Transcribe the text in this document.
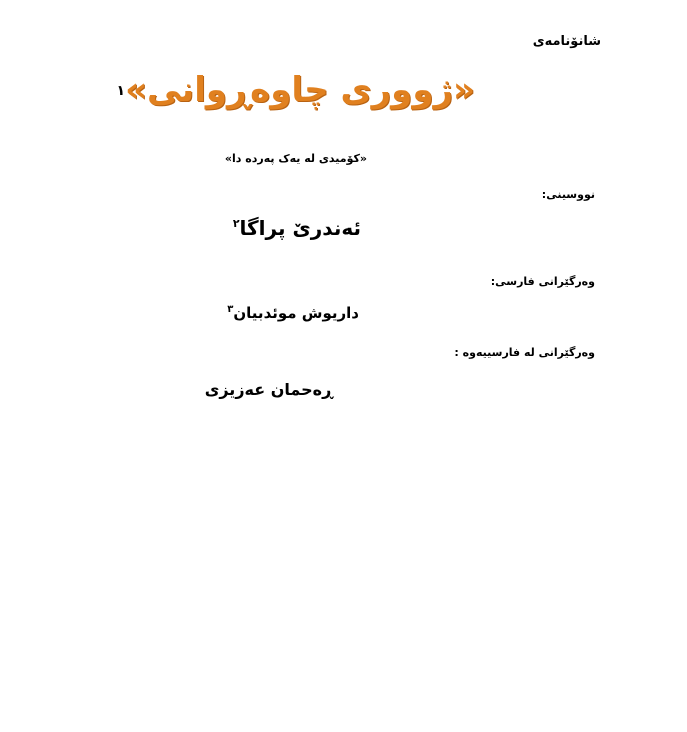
شانۆنامەی
«ژووری چاوەڕوانی»١
«کۆمیدی لە یەک پەردە دا»
نووسینی:
ئەندرێ پراگا$^٢$
وەرگێرانی فارسی:
داریوش موئدبیان$^٣$
وەرگێرانی لە فارسییەوە :
ڕەحمان عەزیزی
